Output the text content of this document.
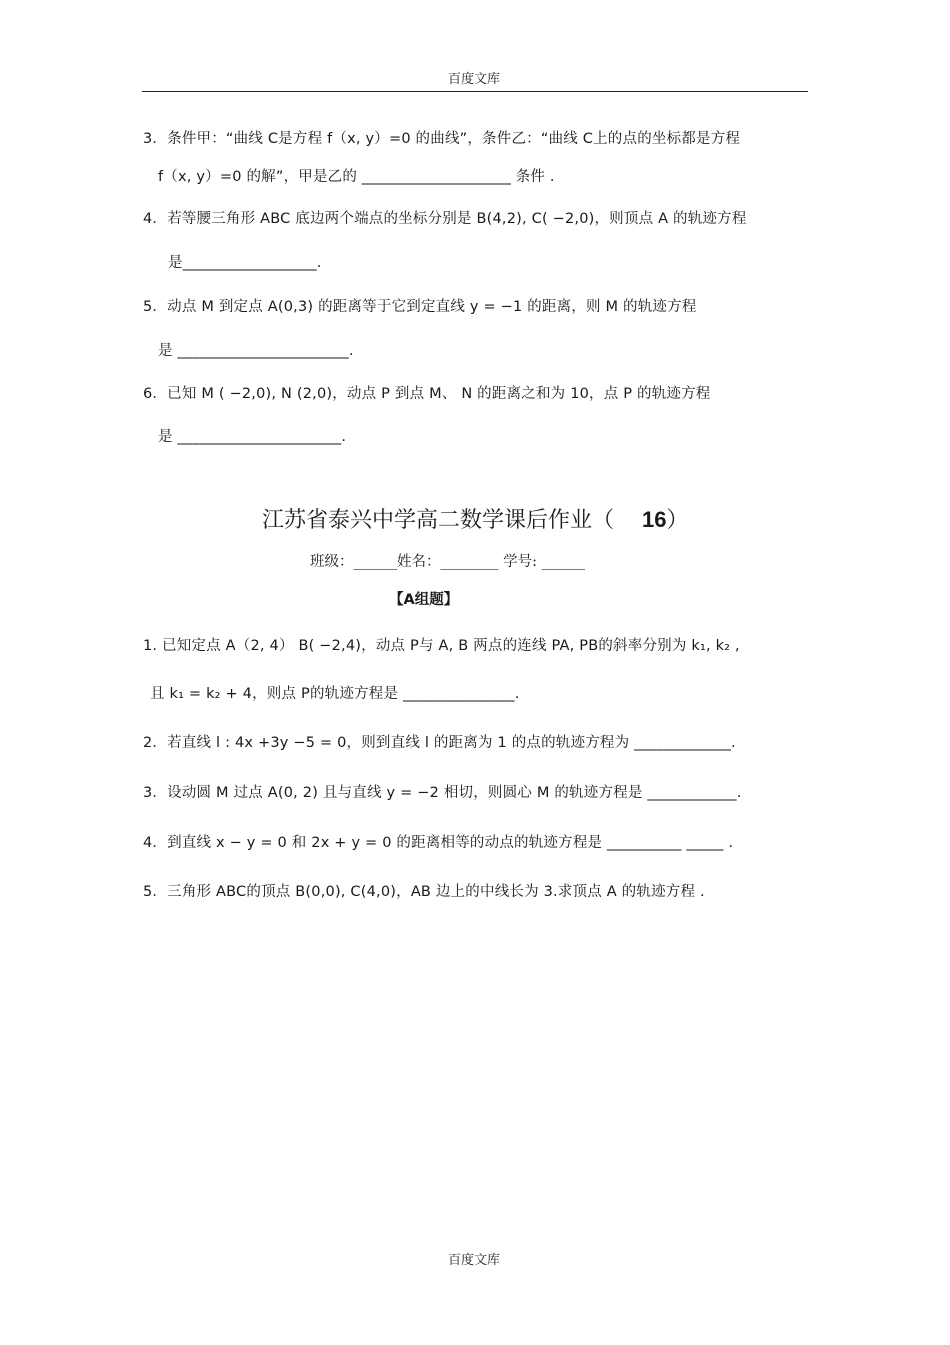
百度文库
3．条件甲：“曲线 C是方程 f（x, y）=0 的曲线”，条件乙：“曲线 C上的点的坐标都是方程
f（x, y）=0 的解”，甲是乙的 ____________________ 条件 .
4．若等腰三角形 ABC 底边两个端点的坐标分别是 B(4,2), C( −2,0)，则顶点 A 的轨迹方程
是__________________.
5．动点 M 到定点 A(0,3) 的距离等于它到定直线 y = −1 的距离，则 M 的轨迹方程
是 _______________________.
6．已知 M ( −2,0), N (2,0)，动点 P 到点 M、 N 的距离之和为 10，点 P 的轨迹方程
是 ______________________.
江苏省泰兴中学高二数学课后作业（ 16）
班级：______姓名：________ 学号: ______
【A组题】
1. 已知定点 A（2, 4） B( −2,4)，动点 P与 A, B 两点的连线 PA, PB的斜率分别为 k₁, k₂ ,
且 k₁ = k₂ + 4，则点 P的轨迹方程是 _______________.
2．若直线 l : 4x +3y −5 = 0，则到直线 l 的距离为 1 的点的轨迹方程为 _____________.
3．设动圆 M 过点 A(0, 2) 且与直线 y = −2 相切，则圆心 M 的轨迹方程是 ____________.
4．到直线 x − y = 0 和 2x + y = 0 的距离相等的动点的轨迹方程是 __________ _____ .
5．三角形 ABC的顶点 B(0,0), C(4,0)，AB 边上的中线长为 3.求顶点 A 的轨迹方程 .
百度文库
